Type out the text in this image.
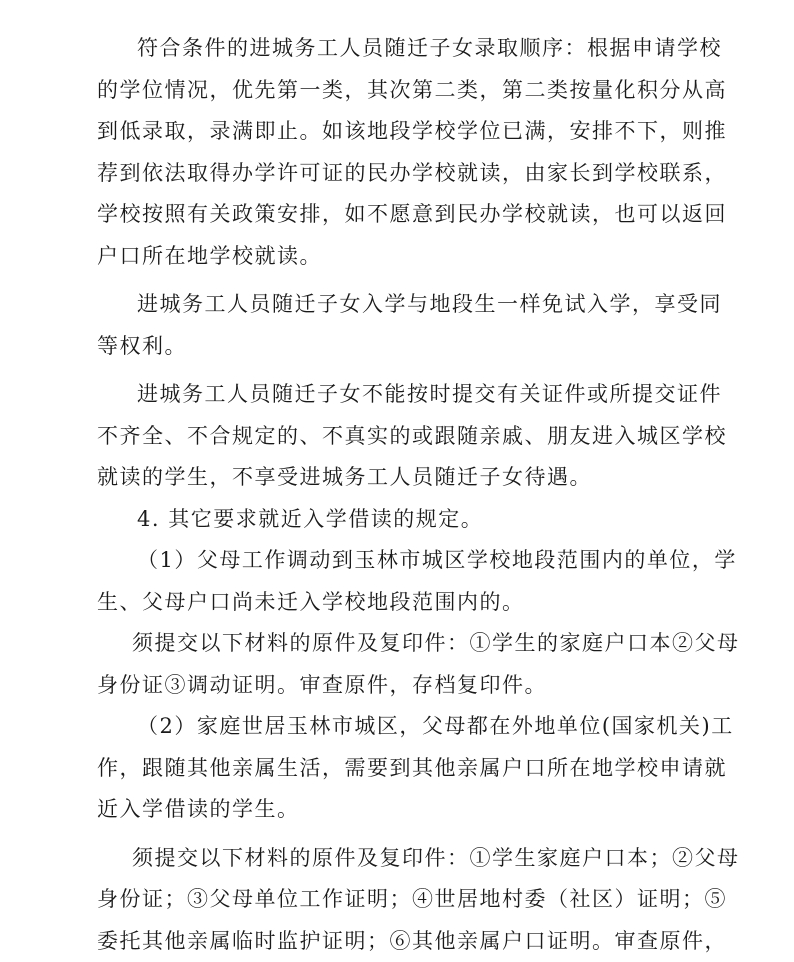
符合条件的进城务工人员随迁子女录取顺序：根据申请学校
的学位情况，优先第一类，其次第二类，第二类按量化积分从高
到低录取，录满即止。如该地段学校学位已满，安排不下，则推
荐到依法取得办学许可证的民办学校就读，由家长到学校联系，
学校按照有关政策安排，如不愿意到民办学校就读，也可以返回
户口所在地学校就读。
进城务工人员随迁子女入学与地段生一样免试入学，享受同
等权利。
进城务工人员随迁子女不能按时提交有关证件或所提交证件
不齐全、不合规定的、不真实的或跟随亲戚、朋友进入城区学校
就读的学生，不享受进城务工人员随迁子女待遇。
4. 其它要求就近入学借读的规定。
（1）父母工作调动到玉林市城区学校地段范围内的单位，学
生、父母户口尚未迁入学校地段范围内的。
须提交以下材料的原件及复印件：①学生的家庭户口本②父母
身份证③调动证明。审查原件，存档复印件。
（2）家庭世居玉林市城区，父母都在外地单位(国家机关)工
作，跟随其他亲属生活，需要到其他亲属户口所在地学校申请就
近入学借读的学生。
须提交以下材料的原件及复印件：①学生家庭户口本；②父母
身份证；③父母单位工作证明；④世居地村委（社区）证明；⑤
委托其他亲属临时监护证明；⑥其他亲属户口证明。审查原件，
